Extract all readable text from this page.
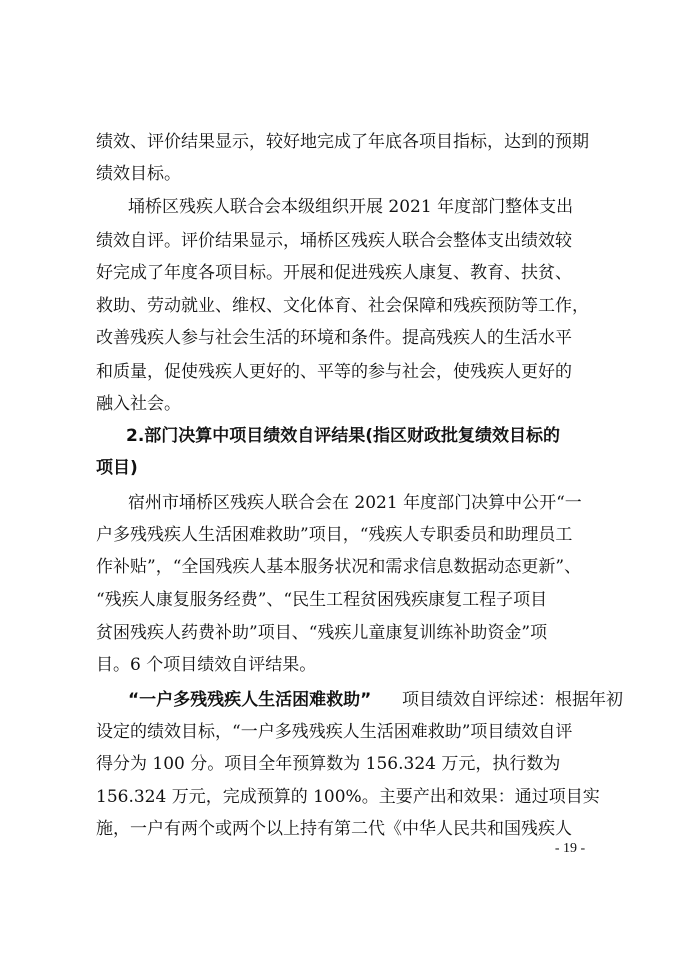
绩效、评价结果显示，较好地完成了年底各项目指标，达到的预期
绩效目标。
埇桥区残疾人联合会本级组织开展 2021 年度部门整体支出
绩效自评。评价结果显示，埇桥区残疾人联合会整体支出绩效较
好完成了年度各项目标。开展和促进残疾人康复、教育、扶贫、
救助、劳动就业、维权、文化体育、社会保障和残疾预防等工作，
改善残疾人参与社会生活的环境和条件。提高残疾人的生活水平
和质量，促使残疾人更好的、平等的参与社会，使残疾人更好的
融入社会。
2.部门决算中项目绩效自评结果(指区财政批复绩效目标的
项目)
宿州市埇桥区残疾人联合会在 2021 年度部门决算中公开“一
户多残残疾人生活困难救助”项目，“残疾人专职委员和助理员工
作补贴”，“全国残疾人基本服务状况和需求信息数据动态更新”、
“残疾人康复服务经费”、“民生工程贫困残疾康复工程子项目
贫困残疾人药费补助”项目、“残疾儿童康复训练补助资金”项
目。6 个项目绩效自评结果。
“一户多残残疾人生活困难救助” 项目绩效自评综述：根据年初
设定的绩效目标，“一户多残残疾人生活困难救助”项目绩效自评
得分为 100 分。项目全年预算数为 156.324 万元，执行数为
156.324 万元，完成预算的 100%。主要产出和效果：通过项目实
施，一户有两个或两个以上持有第二代《中华人民共和国残疾人
- 19 -
